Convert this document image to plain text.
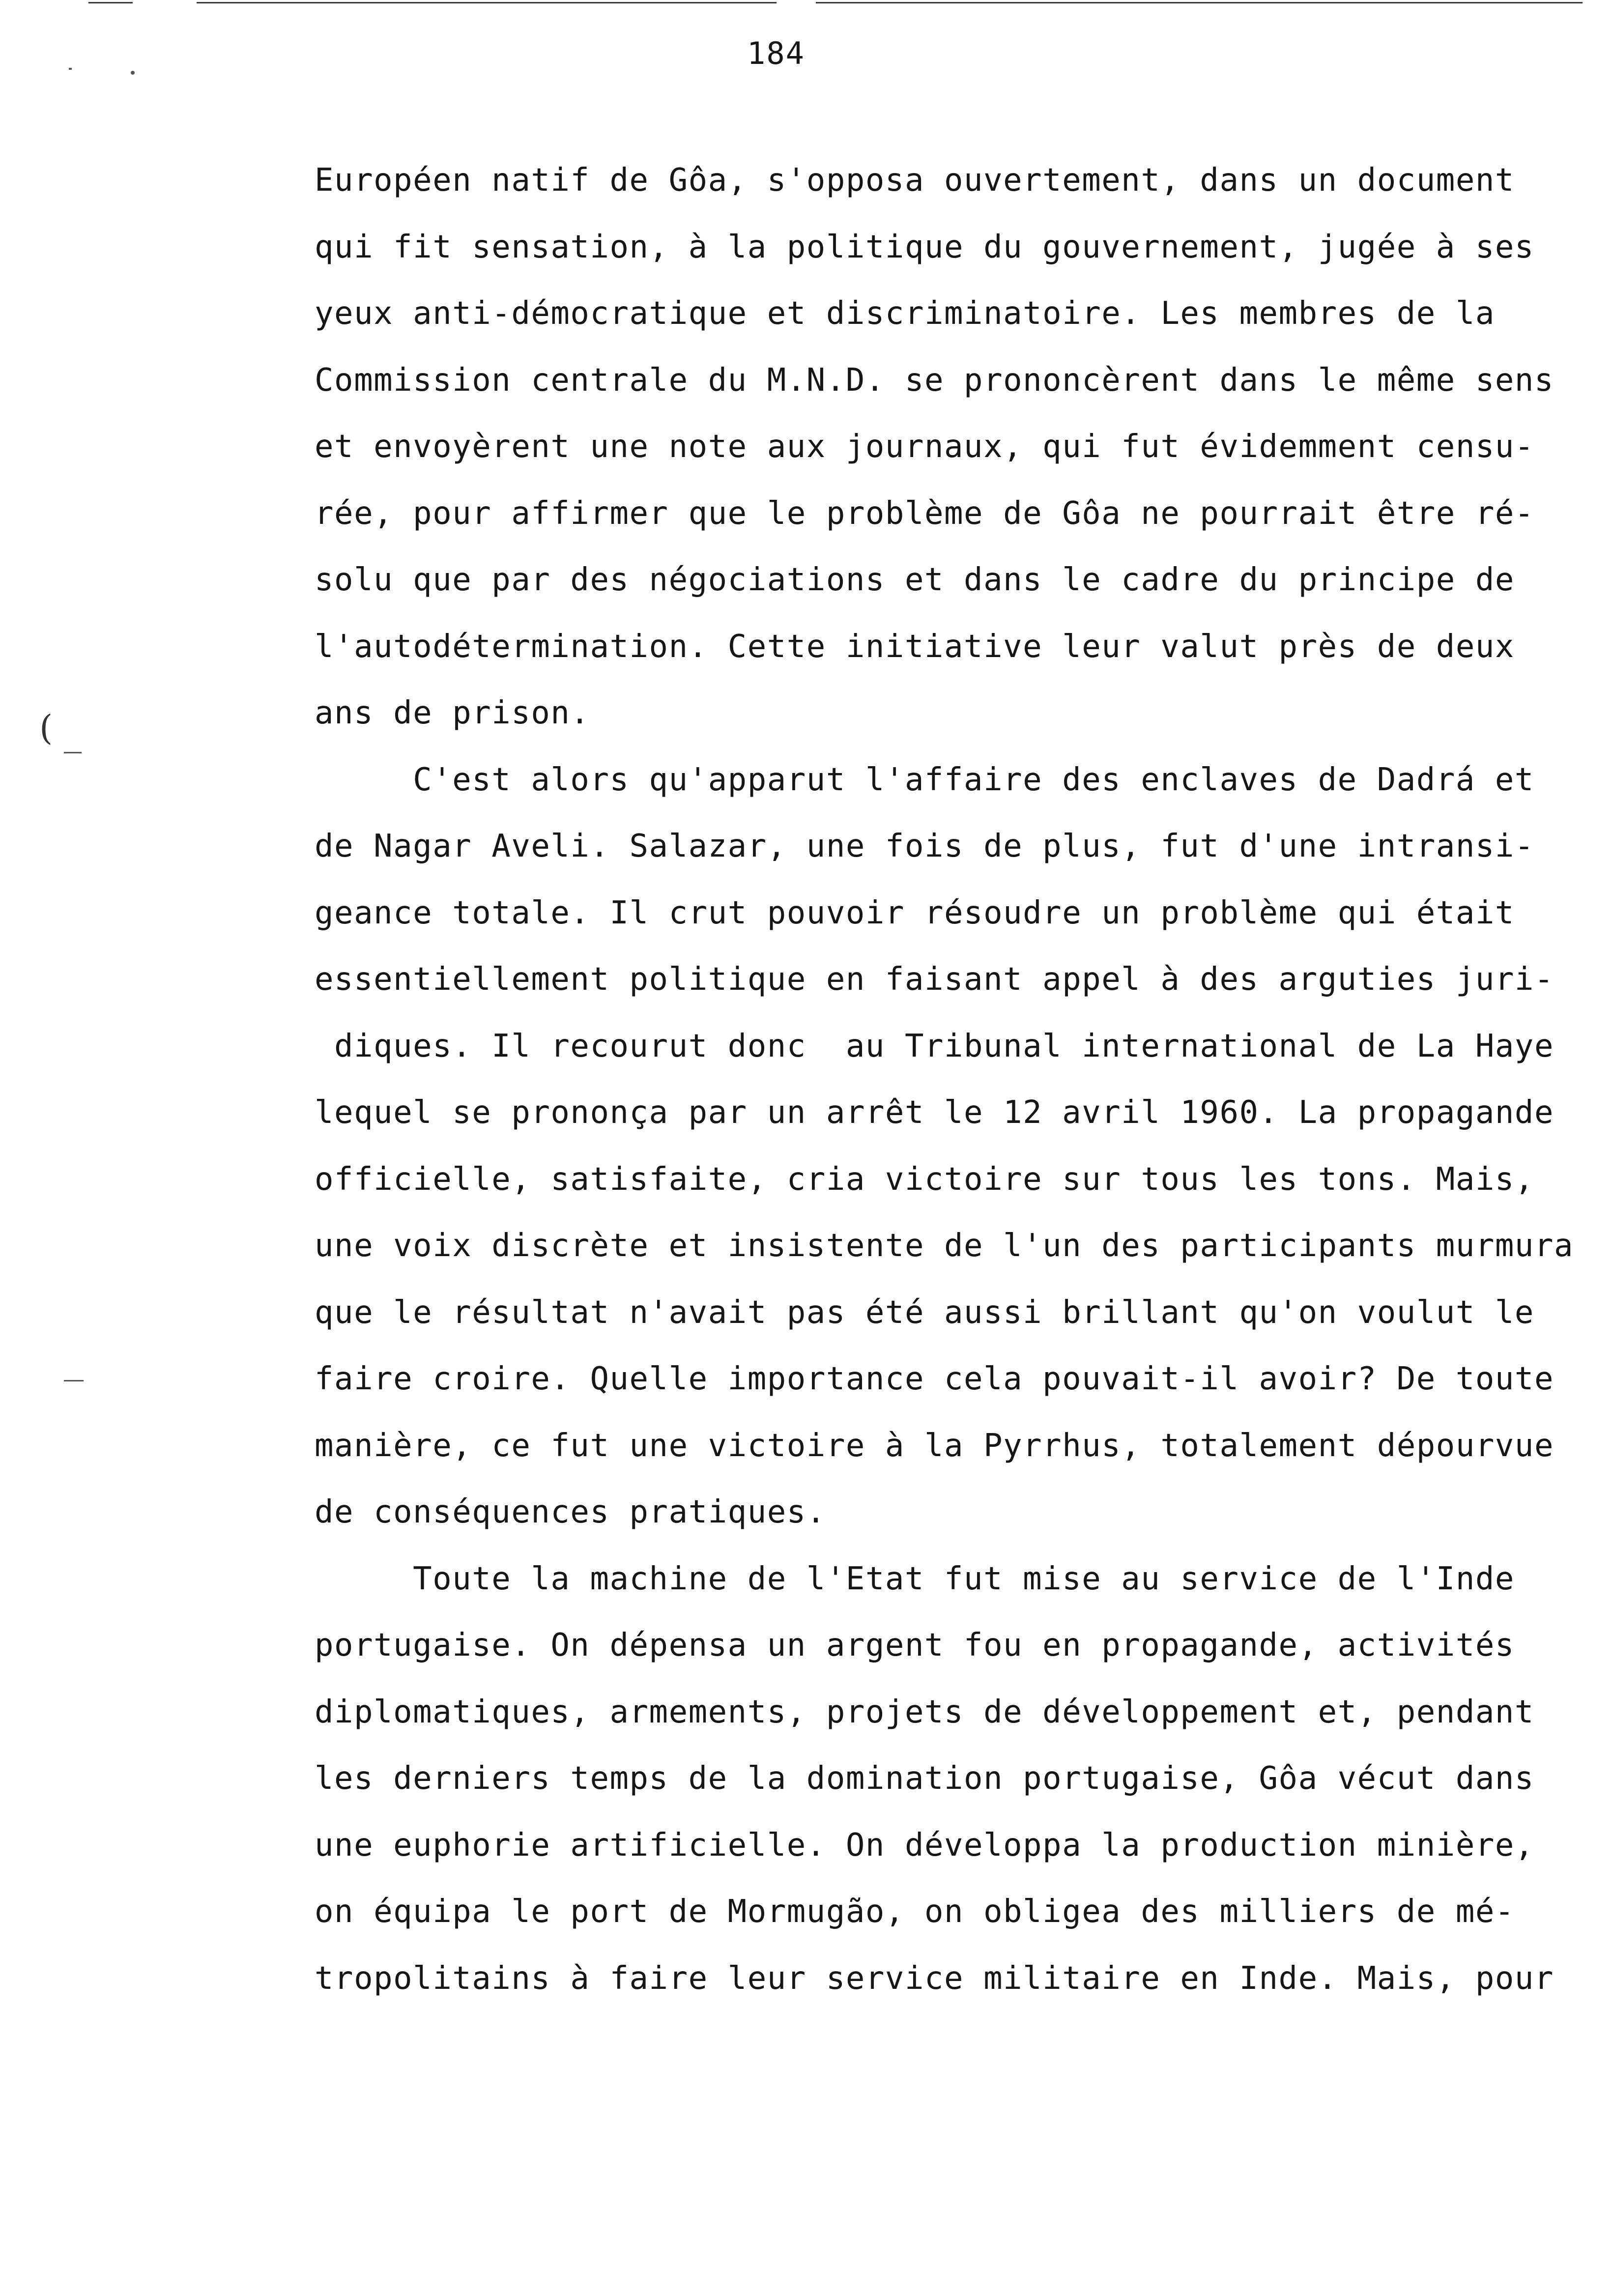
184
(
Européen natif de Gôa, s'opposa ouvertement, dans un document
qui fit sensation, à la politique du gouvernement, jugée à ses
yeux anti-démocratique et discriminatoire. Les membres de la
Commission centrale du M.N.D. se prononcèrent dans le même sens
et envoyèrent une note aux journaux, qui fut évidemment censu-
rée, pour affirmer que le problème de Gôa ne pourrait être ré-
solu que par des négociations et dans le cadre du principe de
l'autodétermination. Cette initiative leur valut près de deux
ans de prison.
C'est alors qu'apparut l'affaire des enclaves de Dadrá et
de Nagar Aveli. Salazar, une fois de plus, fut d'une intransi-
geance totale. Il crut pouvoir résoudre un problème qui était
essentiellement politique en faisant appel à des arguties juri-
diques. Il recourut donc  au Tribunal international de La Haye
lequel se prononça par un arrêt le 12 avril 1960. La propagande
officielle, satisfaite, cria victoire sur tous les tons. Mais,
une voix discrète et insistente de l'un des participants murmura
que le résultat n'avait pas été aussi brillant qu'on voulut le
faire croire. Quelle importance cela pouvait-il avoir? De toute
manière, ce fut une victoire à la Pyrrhus, totalement dépourvue
de conséquences pratiques.
Toute la machine de l'Etat fut mise au service de l'Inde
portugaise. On dépensa un argent fou en propagande, activités
diplomatiques, armements, projets de développement et, pendant
les derniers temps de la domination portugaise, Gôa vécut dans
une euphorie artificielle. On développa la production minière,
on équipa le port de Mormugão, on obligea des milliers de mé-
tropolitains à faire leur service militaire en Inde. Mais, pour
